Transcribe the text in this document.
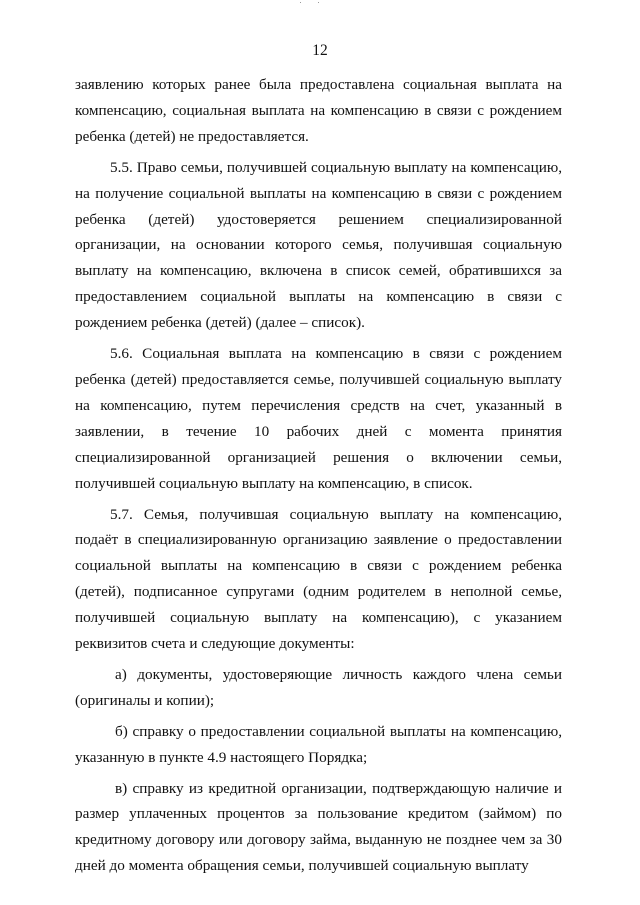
12

заявлению которых ранее была предоставлена социальная выплата на компенсацию, социальная выплата на компенсацию в связи с рождением ребенка (детей) не предоставляется.

5.5. Право семьи, получившей социальную выплату на компенсацию, на получение социальной выплаты на компенсацию в связи с рождением ребенка (детей) удостоверяется решением специализированной организации, на основании которого семья, получившая социальную выплату на компенсацию, включена в список семей, обратившихся за предоставлением социальной выплаты на компенсацию в связи с рождением ребенка (детей) (далее – список).

5.6. Социальная выплата на компенсацию в связи с рождением ребенка (детей) предоставляется семье, получившей социальную выплату на компенсацию, путем перечисления средств на счет, указанный в заявлении, в течение 10 рабочих дней с момента принятия специализированной организацией решения о включении семьи, получившей социальную выплату на компенсацию, в список.

5.7. Семья, получившая социальную выплату на компенсацию, подаёт в специализированную организацию заявление о предоставлении социальной выплаты на компенсацию в связи с рождением ребенка (детей), подписанное супругами (одним родителем в неполной семье, получившей социальную выплату на компенсацию), с указанием реквизитов счета и следующие документы:

а) документы, удостоверяющие личность каждого члена семьи (оригиналы и копии);

б) справку о предоставлении социальной выплаты на компенсацию, указанную в пункте 4.9 настоящего Порядка;

в) справку из кредитной организации, подтверждающую наличие и размер уплаченных процентов за пользование кредитом (займом) по кредитному договору или договору займа, выданную не позднее чем за 30 дней до момента обращения семьи, получившей социальную выплату
